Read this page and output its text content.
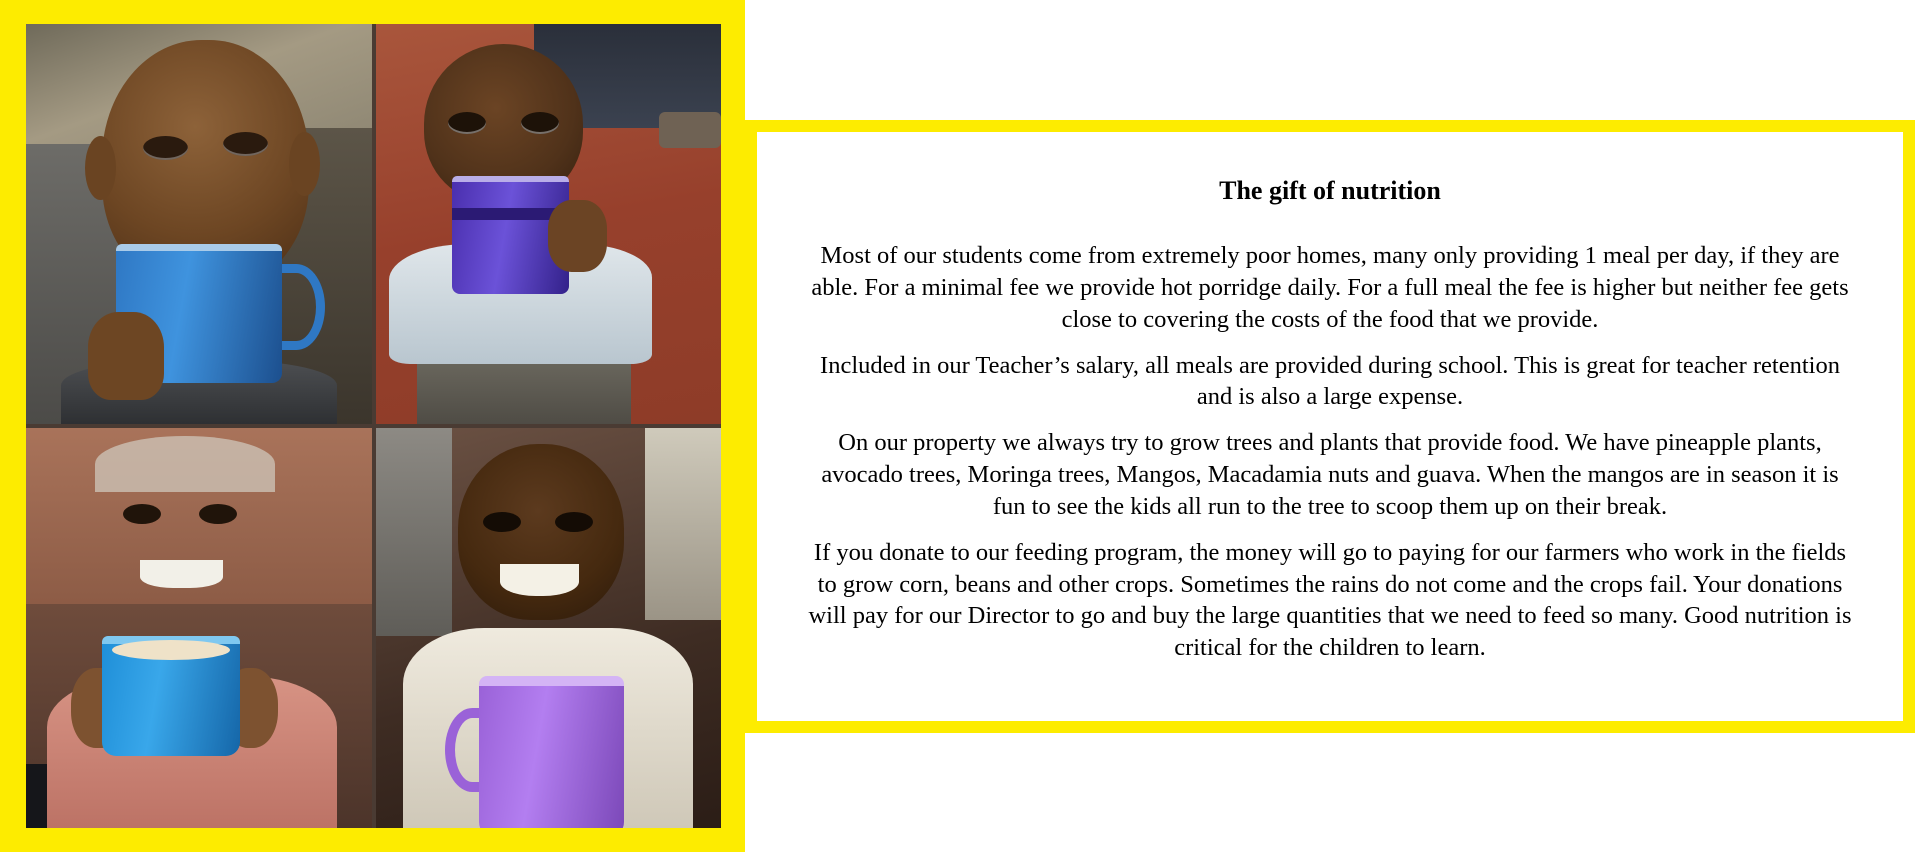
The gift of nutrition

Most of our students come from extremely poor homes, many only providing 1 meal per day, if they are able. For a minimal fee we provide hot porridge daily. For a full meal the fee is higher but neither fee gets close to covering the costs of the food that we provide.

Included in our Teacher’s salary, all meals are provided during school. This is great for teacher retention and is also a large expense.

On our property we always try to grow trees and plants that provide food. We have pineapple plants, avocado trees, Moringa trees, Mangos, Macadamia nuts and guava. When the mangos are in season it is fun to see the kids all run to the tree to scoop them up on their break.

If you donate to our feeding program, the money will go to paying for our farmers who work in the fields to grow corn, beans and other crops. Sometimes the rains do not come and the crops fail. Your donations will pay for our Director to go and buy the large quantities that we need to feed so many. Good nutrition is critical for the children to learn.
